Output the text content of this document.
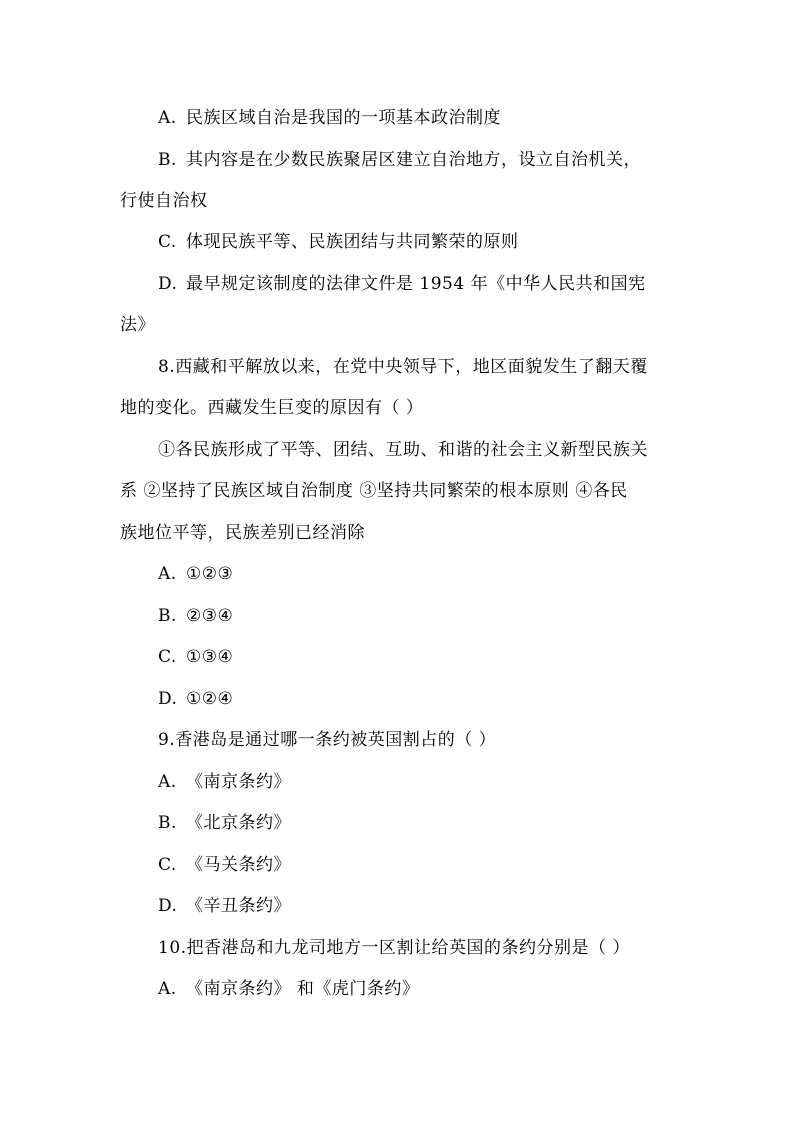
A. 民族区域自治是我国的一项基本政治制度
B. 其内容是在少数民族聚居区建立自治地方，设立自治机关，
行使自治权
C. 体现民族平等、民族团结与共同繁荣的原则
D. 最早规定该制度的法律文件是 1954 年《中华人民共和国宪
法》
8.西藏和平解放以来，在党中央领导下，地区面貌发生了翻天覆
地的变化。西藏发生巨变的原因有（ ）
①各民族形成了平等、团结、互助、和谐的社会主义新型民族关
系 ②坚持了民族区域自治制度 ③坚持共同繁荣的根本原则 ④各民
族地位平等，民族差别已经消除
A. ①②③
B. ②③④
C. ①③④
D. ①②④
9.香港岛是通过哪一条约被英国割占的（ ）
A. 《南京条约》
B. 《北京条约》
C. 《马关条约》
D. 《辛丑条约》
10.把香港岛和九龙司地方一区割让给英国的条约分别是（ ）
A. 《南京条约》 和《虎门条约》
